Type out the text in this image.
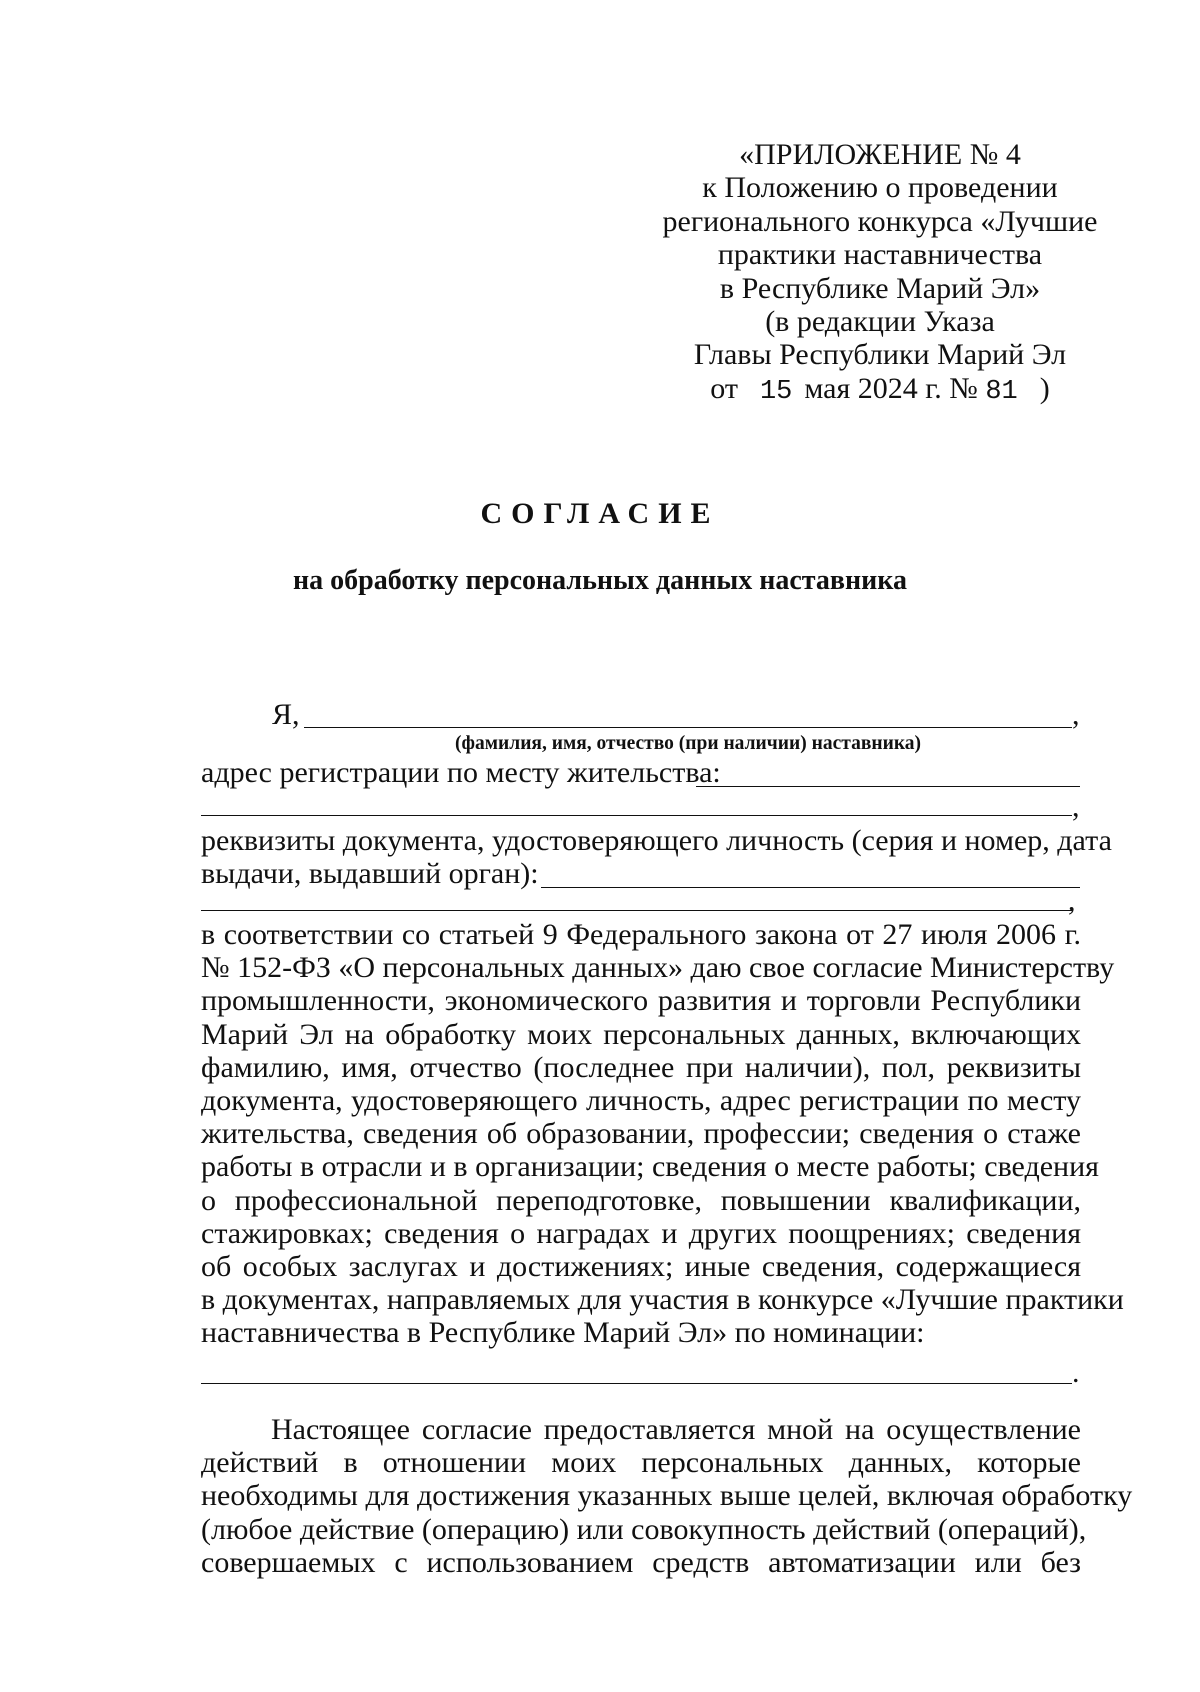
«ПРИЛОЖЕНИЕ № 4
к Положению о проведении
регионального конкурса «Лучшие
практики наставничества
в Республике Марий Эл»
(в редакции Указа
Главы Республики Марий Эл
от 15 мая 2024 г. № 81 )
СОГЛАСИЕ
на обработку персональных данных наставника
Я,	,
(фамилия, имя, отчество (при наличии) наставника)
адрес регистрации по месту жительства:
,
реквизиты документа, удостоверяющего личность (серия и номер, дата
выдачи, выдавший орган):
,
в соответствии со статьей 9 Федерального закона от 27 июля 2006 г.
№ 152-ФЗ «О персональных данных» даю свое согласие Министерству
промышленности, экономического развития и торговли Республики
Марий Эл на обработку моих персональных данных, включающих
фамилию, имя, отчество (последнее при наличии), пол, реквизиты
документа, удостоверяющего личность, адрес регистрации по месту
жительства, сведения об образовании, профессии; сведения о стаже
работы в отрасли и в организации; сведения о месте работы; сведения
о профессиональной переподготовке, повышении квалификации,
стажировках; сведения о наградах и других поощрениях; сведения
об особых заслугах и достижениях; иные сведения, содержащиеся
в документах, направляемых для участия в конкурсе «Лучшие практики
наставничества в Республике Марий Эл» по номинации:
.
Настоящее согласие предоставляется мной на осуществление
действий в отношении моих персональных данных, которые
необходимы для достижения указанных выше целей, включая обработку
(любое действие (операцию) или совокупность действий (операций),
совершаемых с использованием средств автоматизации или без
